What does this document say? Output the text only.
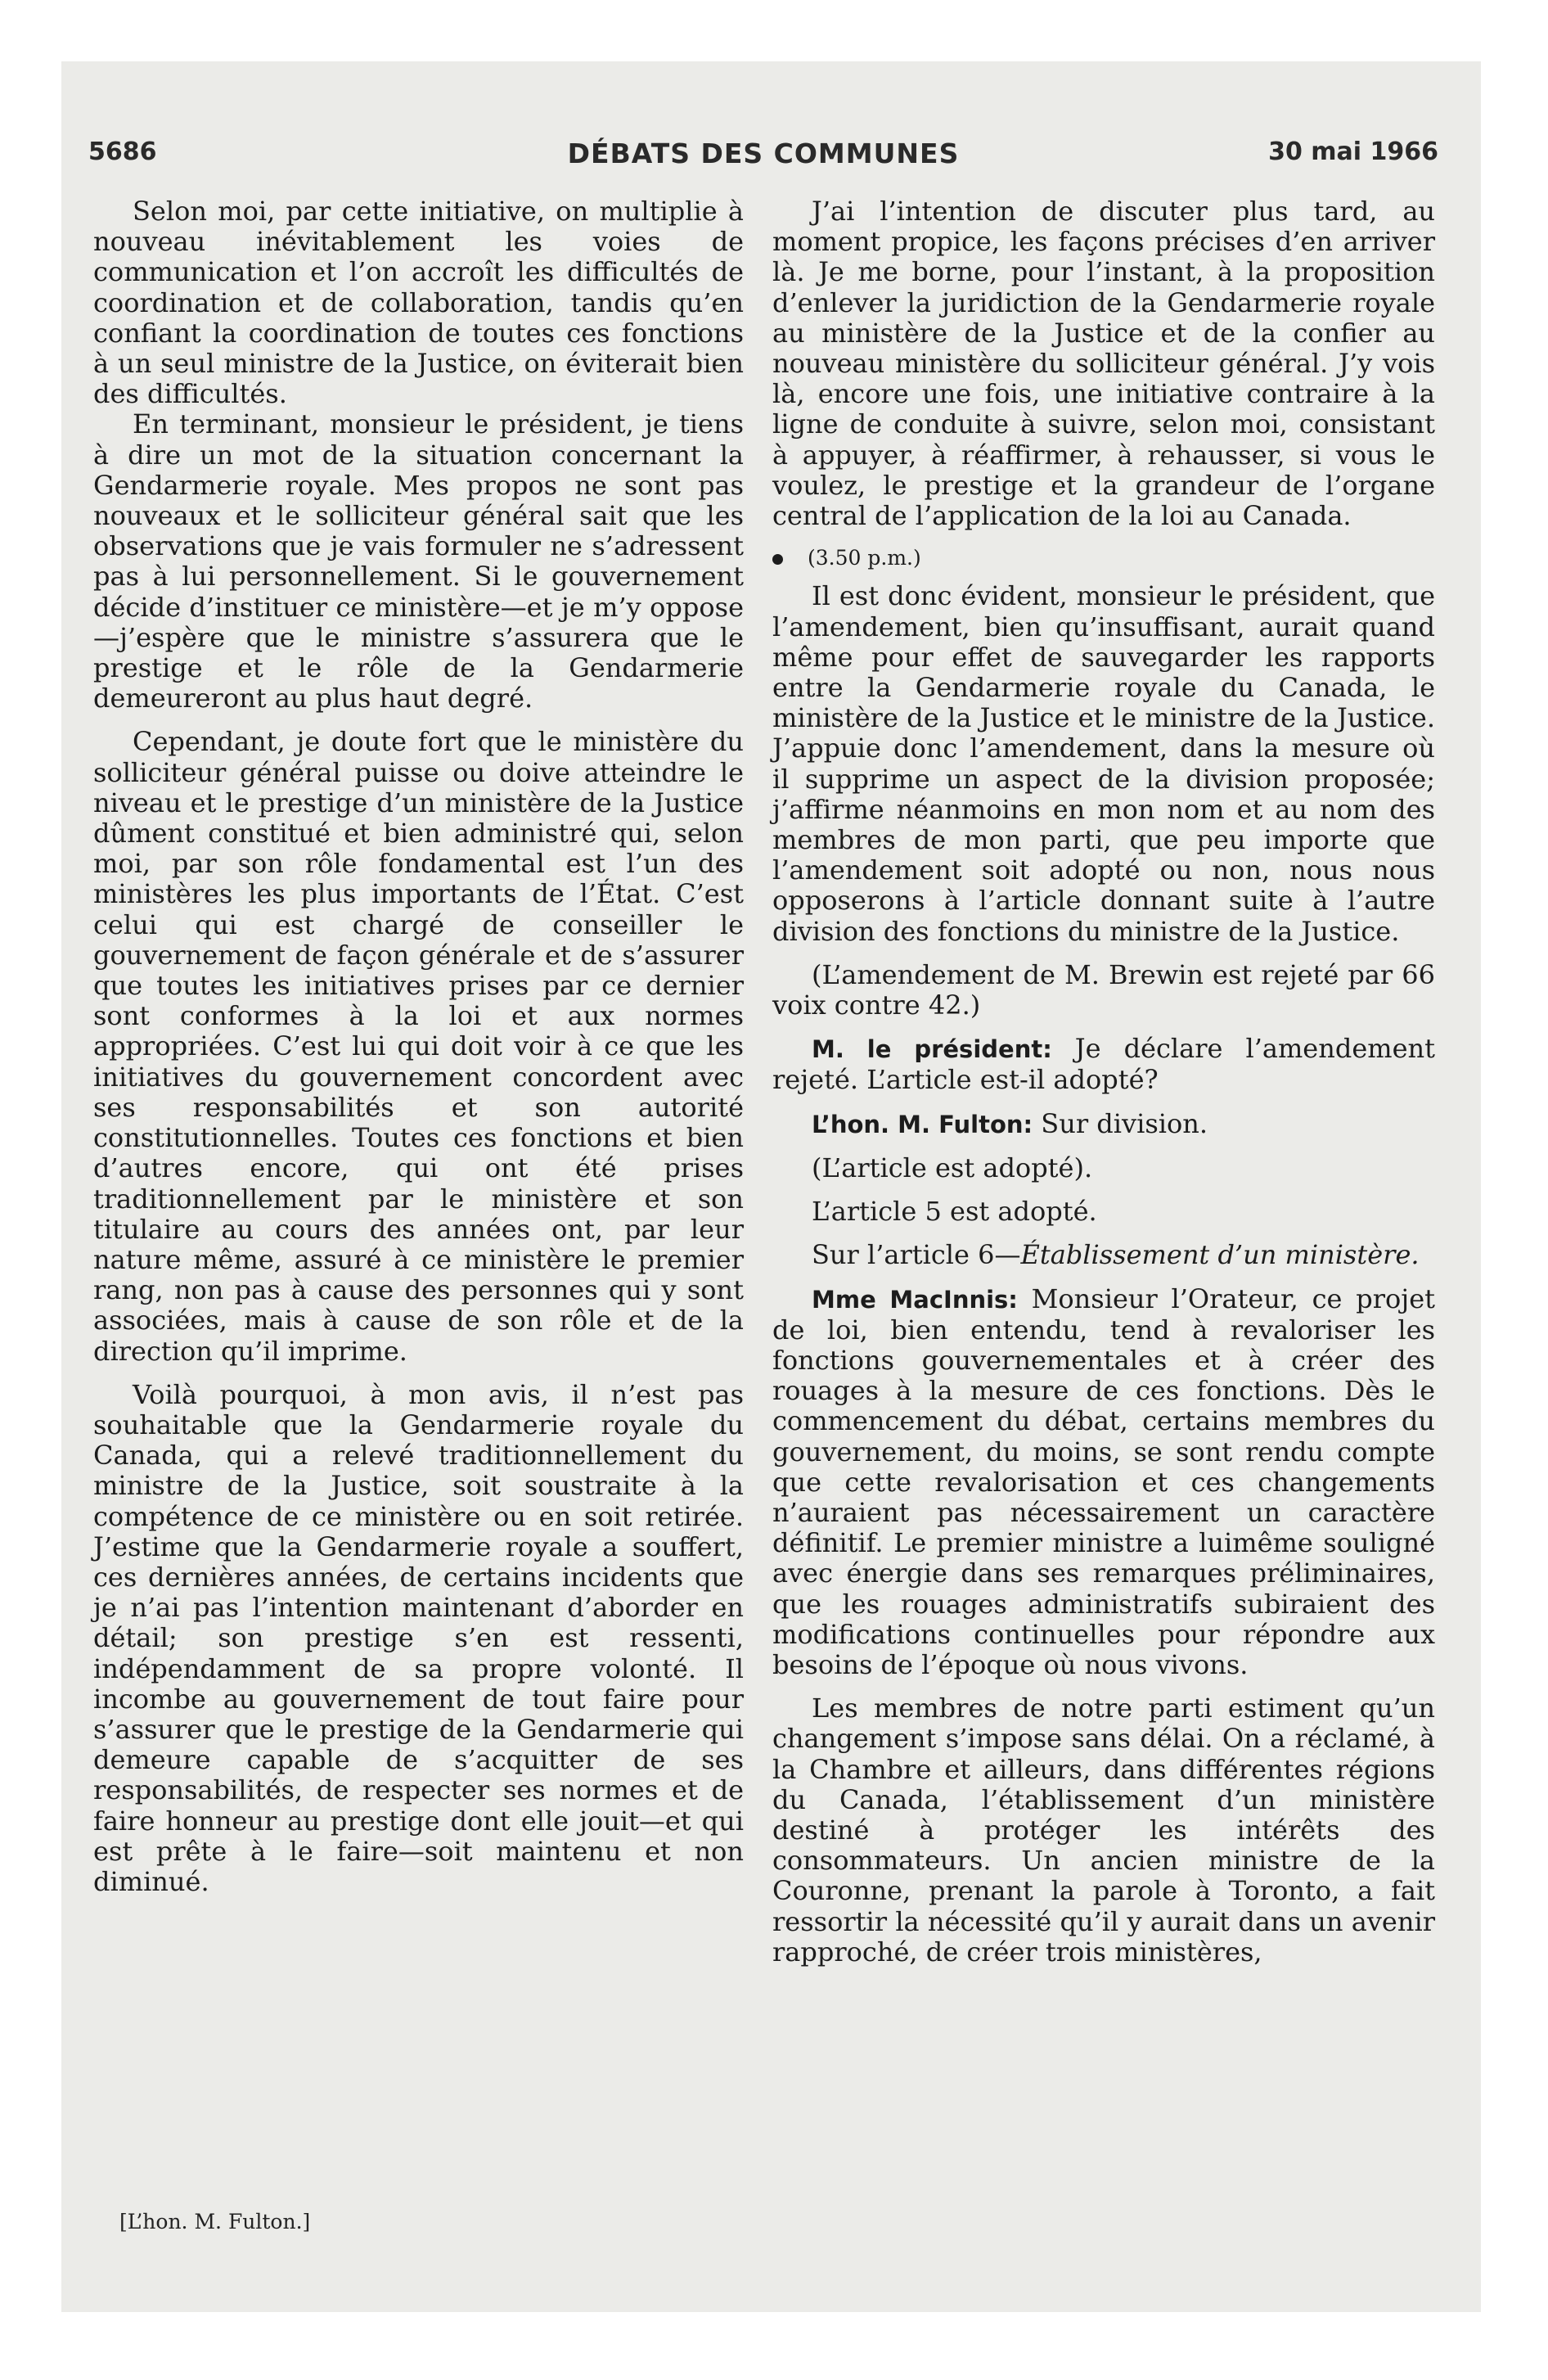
5686	DÉBATS DES COMMUNES	30 mai 1966

Selon moi, par cette initiative, on multiplie à nouveau inévitablement les voies de communication et l’on accroît les difficultés de coordination et de collaboration, tandis qu’en confiant la coordination de toutes ces fonctions à un seul ministre de la Justice, on éviterait bien des difficultés.

En terminant, monsieur le président, je tiens à dire un mot de la situation concernant la Gendarmerie royale. Mes propos ne sont pas nouveaux et le solliciteur général sait que les observations que je vais formuler ne s’adressent pas à lui personnellement. Si le gouvernement décide d’instituer ce ministère—et je m’y oppose—j’espère que le ministre s’assurera que le prestige et le rôle de la Gendarmerie demeureront au plus haut degré.

Cependant, je doute fort que le ministère du solliciteur général puisse ou doive atteindre le niveau et le prestige d’un ministère de la Justice dûment constitué et bien administré qui, selon moi, par son rôle fondamental est l’un des ministères les plus importants de l’État. C’est celui qui est chargé de conseiller le gouvernement de façon générale et de s’assurer que toutes les initiatives prises par ce dernier sont conformes à la loi et aux normes appropriées. C’est lui qui doit voir à ce que les initiatives du gouvernement concordent avec ses responsabilités et son autorité constitutionnelles. Toutes ces fonctions et bien d’autres encore, qui ont été prises traditionnellement par le ministère et son titulaire au cours des années ont, par leur nature même, assuré à ce ministère le premier rang, non pas à cause des personnes qui y sont associées, mais à cause de son rôle et de la direction qu’il imprime.

Voilà pourquoi, à mon avis, il n’est pas souhaitable que la Gendarmerie royale du Canada, qui a relevé traditionnellement du ministre de la Justice, soit soustraite à la compétence de ce ministère ou en soit retirée. J’estime que la Gendarmerie royale a souffert, ces dernières années, de certains incidents que je n’ai pas l’intention maintenant d’aborder en détail; son prestige s’en est ressenti, indépendamment de sa propre volonté. Il incombe au gouvernement de tout faire pour s’assurer que le prestige de la Gendarmerie qui demeure capable de s’acquitter de ses responsabilités, de respecter ses normes et de faire honneur au prestige dont elle jouit—et qui est prête à le faire—soit maintenu et non diminué.

[L’hon. M. Fulton.]

J’ai l’intention de discuter plus tard, au moment propice, les façons précises d’en arriver là. Je me borne, pour l’instant, à la proposition d’enlever la juridiction de la Gendarmerie royale au ministère de la Justice et de la confier au nouveau ministère du solliciteur général. J’y vois là, encore une fois, une initiative contraire à la ligne de conduite à suivre, selon moi, consistant à appuyer, à réaffirmer, à rehausser, si vous le voulez, le prestige et la grandeur de l’organe central de l’application de la loi au Canada.

(3.50 p.m.)

Il est donc évident, monsieur le président, que l’amendement, bien qu’insuffisant, aurait quand même pour effet de sauvegarder les rapports entre la Gendarmerie royale du Canada, le ministère de la Justice et le ministre de la Justice. J’appuie donc l’amendement, dans la mesure où il supprime un aspect de la division proposée; j’affirme néanmoins en mon nom et au nom des membres de mon parti, que peu importe que l’amendement soit adopté ou non, nous nous opposerons à l’article donnant suite à l’autre division des fonctions du ministre de la Justice.

(L’amendement de M. Brewin est rejeté par 66 voix contre 42.)

M. le président: Je déclare l’amendement rejeté. L’article est-il adopté?

L’hon. M. Fulton: Sur division.

(L’article est adopté).

L’article 5 est adopté.

Sur l’article 6—Établissement d’un ministère.

Mme MacInnis: Monsieur l’Orateur, ce projet de loi, bien entendu, tend à revaloriser les fonctions gouvernementales et à créer des rouages à la mesure de ces fonctions. Dès le commencement du débat, certains membres du gouvernement, du moins, se sont rendu compte que cette revalorisation et ces changements n’auraient pas nécessairement un caractère définitif. Le premier ministre a luimême souligné avec énergie dans ses remarques préliminaires, que les rouages administratifs subiraient des modifications continuelles pour répondre aux besoins de l’époque où nous vivons.

Les membres de notre parti estiment qu’un changement s’impose sans délai. On a réclamé, à la Chambre et ailleurs, dans différentes régions du Canada, l’établissement d’un ministère destiné à protéger les intérêts des consommateurs. Un ancien ministre de la Couronne, prenant la parole à Toronto, a fait ressortir la nécessité qu’il y aurait dans un avenir rapproché, de créer trois ministères,
